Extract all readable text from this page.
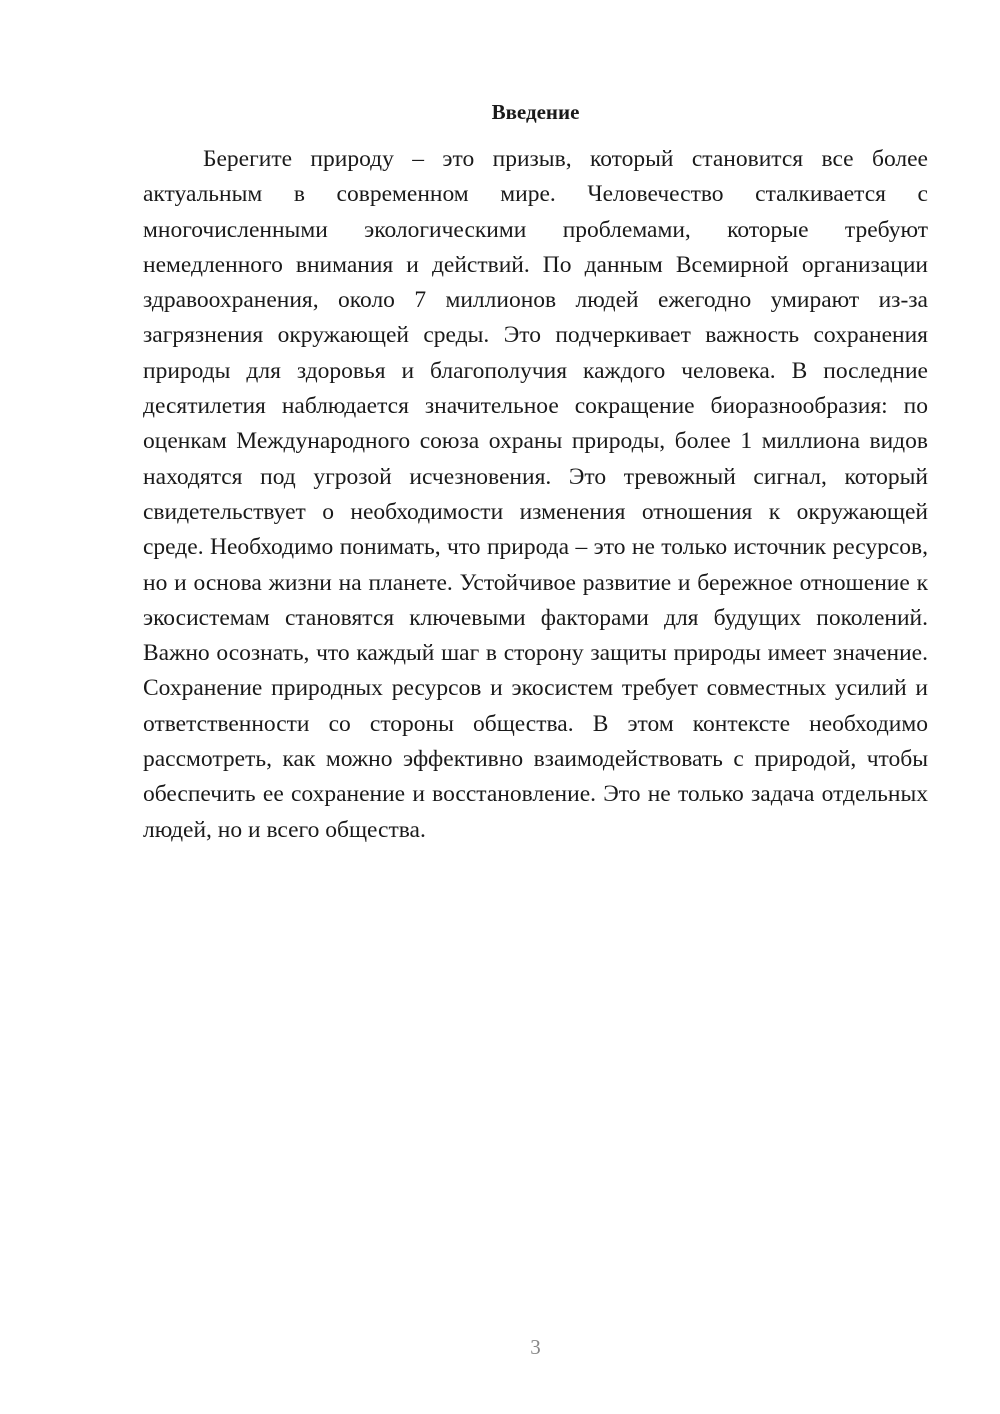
Введение

Берегите природу – это призыв, который становится все более актуальным в современном мире. Человечество сталкивается с многочисленными экологическими проблемами, которые требуют немедленного внимания и действий. По данным Всемирной организации здравоохранения, около 7 миллионов людей ежегодно умирают из-за загрязнения окружающей среды. Это подчеркивает важность сохранения природы для здоровья и благополучия каждого человека. В последние десятилетия наблюдается значительное сокращение биоразнообразия: по оценкам Международного союза охраны природы, более 1 миллиона видов находятся под угрозой исчезновения. Это тревожный сигнал, который свидетельствует о необходимости изменения отношения к окружающей среде. Необходимо понимать, что природа – это не только источник ресурсов, но и основа жизни на планете. Устойчивое развитие и бережное отношение к экосистемам становятся ключевыми факторами для будущих поколений. Важно осознать, что каждый шаг в сторону защиты природы имеет значение. Сохранение природных ресурсов и экосистем требует совместных усилий и ответственности со стороны общества. В этом контексте необходимо рассмотреть, как можно эффективно взаимодействовать с природой, чтобы обеспечить ее сохранение и восстановление. Это не только задача отдельных людей, но и всего общества.

3
